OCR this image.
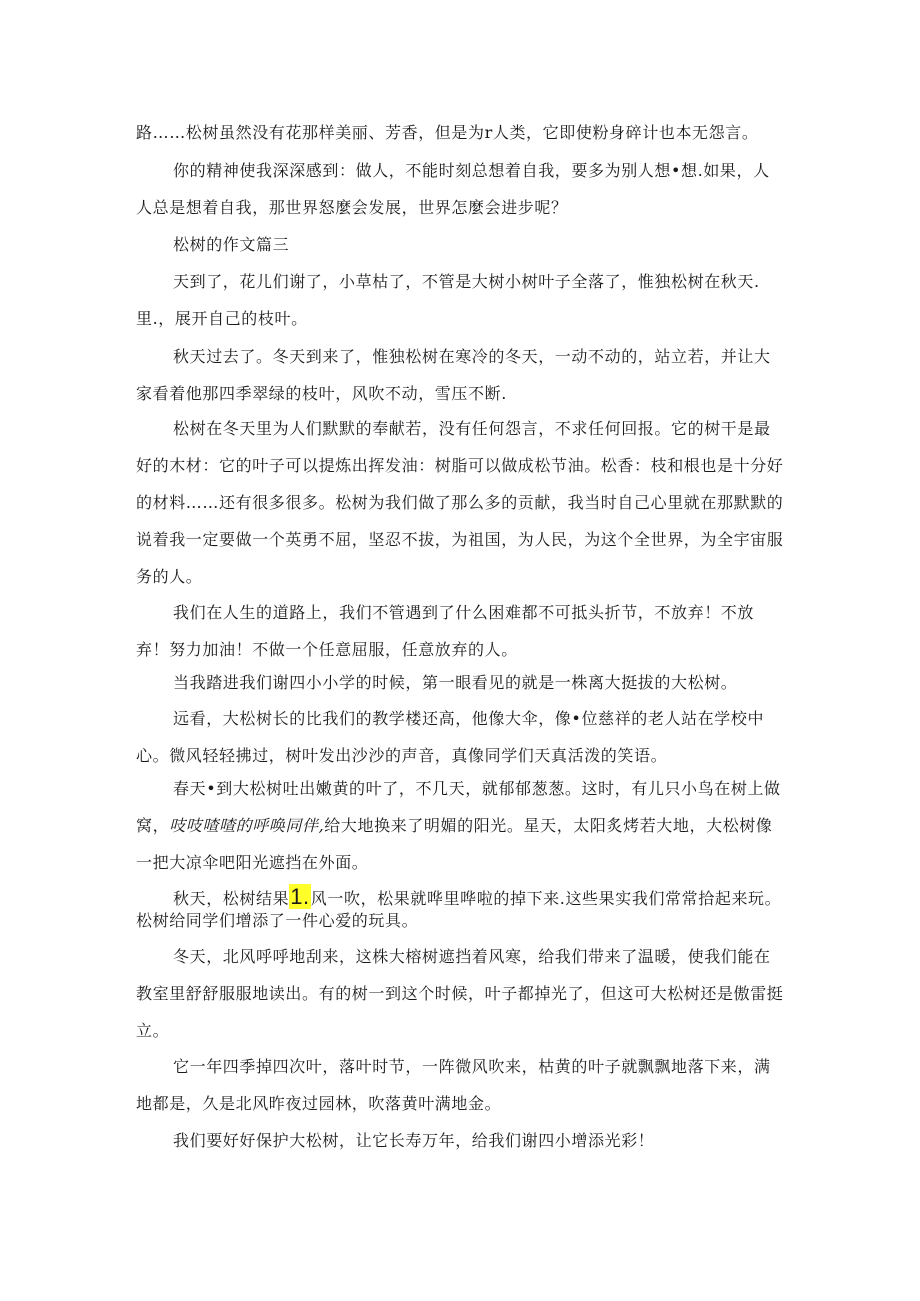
路……松树虽然没有花那样美丽、芳香，但是为r人类，它即使粉身碎计也本无怨言。

你的精神使我深深感到：做人，不能时刻总想着自我，要多为别人想•想.如果，人人总是想着自我，那世界怒麼会发展，世界怎麼会进步呢？

松树的作文篇三

天到了，花儿们谢了，小草枯了，不管是大树小树叶子全落了，惟独松树在秋天.里.，展开自己的枝叶。

秋天过去了。冬天到来了，惟独松树在寒冷的冬天，一动不动的，站立若，并让大家看着他那四季翠绿的枝叶，风吹不动，雪压不断.

松树在冬天里为人们默默的奉献若，没有任何怨言，不求任何回报。它的树干是最好的木材：它的叶子可以提炼出挥发油：树脂可以做成松节油。松香：枝和根也是十分好的材料……还有很多很多。松树为我们做了那么多的贡献，我当时自己心里就在那默默的说着我一定要做一个英勇不屈，坚忍不拔，为祖国，为人民，为这个全世界，为全宇宙服务的人。

我们在人生的道路上，我们不管遇到了什么困难都不可抵头折节，不放弃！不放弃！努力加油！不做一个任意屈服，任意放弃的人。

当我踏进我们谢四小小学的时候，第一眼看见的就是一株离大挺拔的大松树。

远看，大松树长的比我们的教学楼还高，他像大伞，像•位慈祥的老人站在学校中心。微风轻轻拂过，树叶发出沙沙的声音，真像同学们天真活泼的笑语。

春天•到大松树吐出嫩黄的叶了，不几天，就郁郁葱葱。这时，有儿只小鸟在树上做窝，吱吱喳喳的呼唤同伴,给大地换来了明媚的阳光。星天，太阳炙烤若大地，大松树像一把大凉伞吧阳光遮挡在外面。

秋天，松树结果1.风一吹，松果就哗里哗啦的掉下来.这些果实我们常常拾起来玩。松树给同学们增添了一件心爱的玩具。

冬天，北风呼呼地刮来，这株大榕树遮挡着风寒，给我们带来了温暖，使我们能在教室里舒舒服服地读出。有的树一到这个时候，叶子都掉光了，但这可大松树还是傲雷挺立。

它一年四季掉四次叶，落叶时节，一阵微风吹来，枯黄的叶子就飘飘地落下来，满地都是，久是北风昨夜过园林，吹落黄叶满地金。

我们要好好保护大松树，让它长寿万年，给我们谢四小增添光彩！
